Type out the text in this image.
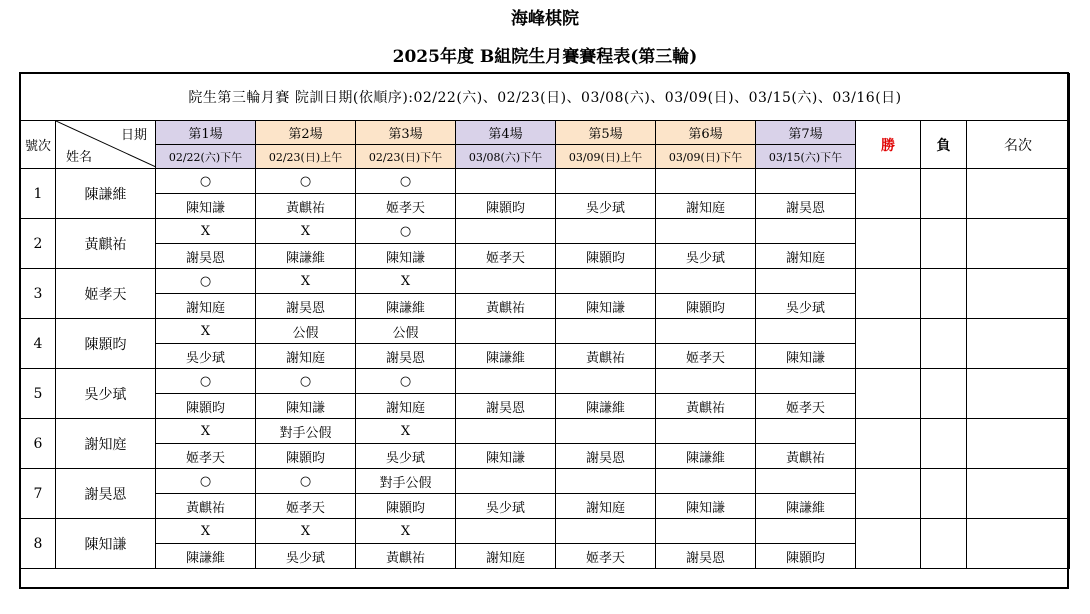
海峰棋院
2025年度 B組院生月賽賽程表(第三輪)
院生第三輪月賽 院訓日期(依順序):02/22(六)、02/23(日)、03/08(六)、03/09(日)、03/15(六)、03/16(日)											
號次	日期
姓名	第1場	第2場	第3場	第4場	第5場	第6場	第7場	勝	負	名次
		02/22(六)下午	02/23(日)上午	02/23(日)下午	03/08(六)下午	03/09(日)上午	03/09(日)下午	03/15(六)下午			
1	陳謙維	○	○	○							
		陳知謙	黃麒祐	姬孝天	陳顥昀	吳少珷	謝知庭	謝昊恩			
2	黃麒祐	X	X	○							
		謝昊恩	陳謙維	陳知謙	姬孝天	陳顥昀	吳少珷	謝知庭			
3	姬孝天	○	X	X							
		謝知庭	謝昊恩	陳謙維	黃麒祐	陳知謙	陳顥昀	吳少珷			
4	陳顥昀	X	公假	公假							
		吳少珷	謝知庭	謝昊恩	陳謙維	黃麒祐	姬孝天	陳知謙			
5	吳少珷	○	○	○							
		陳顥昀	陳知謙	謝知庭	謝昊恩	陳謙維	黃麒祐	姬孝天			
6	謝知庭	X	對手公假	X							
		姬孝天	陳顥昀	吳少珷	陳知謙	謝昊恩	陳謙維	黃麒祐			
7	謝昊恩	○	○	對手公假							
		黃麒祐	姬孝天	陳顥昀	吳少珷	謝知庭	陳知謙	陳謙維			
8	陳知謙	X	X	X							
		陳謙維	吳少珷	黃麒祐	謝知庭	姬孝天	謝昊恩	陳顥昀			
